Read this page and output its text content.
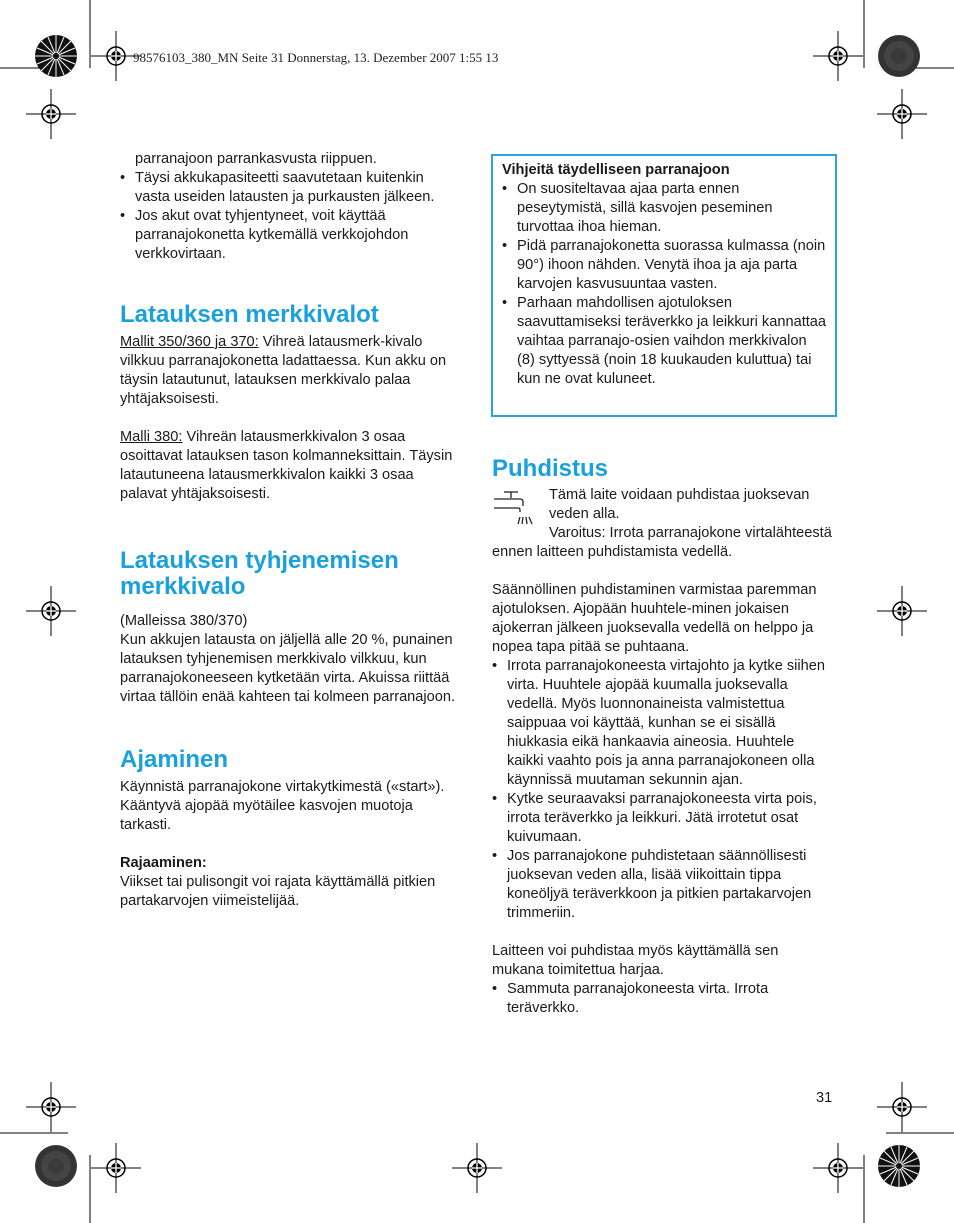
98576103_380_MN Seite 31 Donnerstag, 13. Dezember 2007 1:55 13

parranajoon parrankasvusta riippuen.

• Täysi akkukapasiteetti saavutetaan kuitenkin vasta useiden latausten ja purkausten jälkeen.

• Jos akut ovat tyhjentyneet, voit käyttää parranajokonetta kytkemällä verkkojohdon verkkovirtaan.

Latauksen merkkivalot

Mallit 350/360 ja 370: Vihreä latausmerk-kivalo vilkkuu parranajokonetta ladattaessa. Kun akku on täysin latautunut, latauksen merkkivalo palaa yhtäjaksoisesti.

Malli 380: Vihreän latausmerkkivalon 3 osaa osoittavat latauksen tason kolmanneksittain. Täysin latautuneena latausmerkkivalon kaikki 3 osaa palavat yhtäjaksoisesti.

Latauksen tyhjenemisen merkkivalo

(Malleissa 380/370)

Kun akkujen latausta on jäljellä alle 20 %, punainen latauksen tyhjenemisen merkkivalo vilkkuu, kun parranajokoneeseen kytketään virta. Akuissa riittää virtaa tällöin enää kahteen tai kolmeen parranajoon.

Ajaminen

Käynnistä parranajokone virtakytkimestä («start»).

Kääntyvä ajopää myötäilee kasvojen muotoja tarkasti.

Rajaaminen:

Viikset tai pulisongit voi rajata käyttämällä pitkien partakarvojen viimeistelijää.

Vihjeitä täydelliseen parranajoon

• On suositeltavaa ajaa parta ennen peseytymistä, sillä kasvojen peseminen turvottaa ihoa hieman.

• Pidä parranajokonetta suorassa kulmassa (noin 90°) ihoon nähden. Venytä ihoa ja aja parta karvojen kasvusuuntaa vasten.

• Parhaan mahdollisen ajotuloksen saavuttamiseksi teräverkko ja leikkuri kannattaa vaihtaa parranajo-osien vaihdon merkkivalon (8) syttyessä (noin 18 kuukauden kuluttua) tai kun ne ovat kuluneet.

Puhdistus

Tämä laite voidaan puhdistaa juoksevan veden alla.

Varoitus: Irrota parranajokone virtalähteestä ennen laitteen puhdistamista vedellä.

Säännöllinen puhdistaminen varmistaa paremman ajotuloksen. Ajopään huuhtele-minen jokaisen ajokerran jälkeen juoksevalla vedellä on helppo ja nopea tapa pitää se puhtaana.

• Irrota parranajokoneesta virtajohto ja kytke siihen virta. Huuhtele ajopää kuumalla juoksevalla vedellä. Myös luonnonaineista valmistettua saippuaa voi käyttää, kunhan se ei sisällä hiukkasia eikä hankaavia aineosia. Huuhtele kaikki vaahto pois ja anna parranajokoneen olla käynnissä muutaman sekunnin ajan.

• Kytke seuraavaksi parranajokoneesta virta pois, irrota teräverkko ja leikkuri. Jätä irrotetut osat kuivumaan.

• Jos parranajokone puhdistetaan säännöllisesti juoksevan veden alla, lisää viikoittain tippa koneöljyä teräverkkoon ja pitkien partakarvojen trimmeriin.

Laitteen voi puhdistaa myös käyttämällä sen mukana toimitettua harjaa.

• Sammuta parranajokoneesta virta. Irrota teräverkko.

31
